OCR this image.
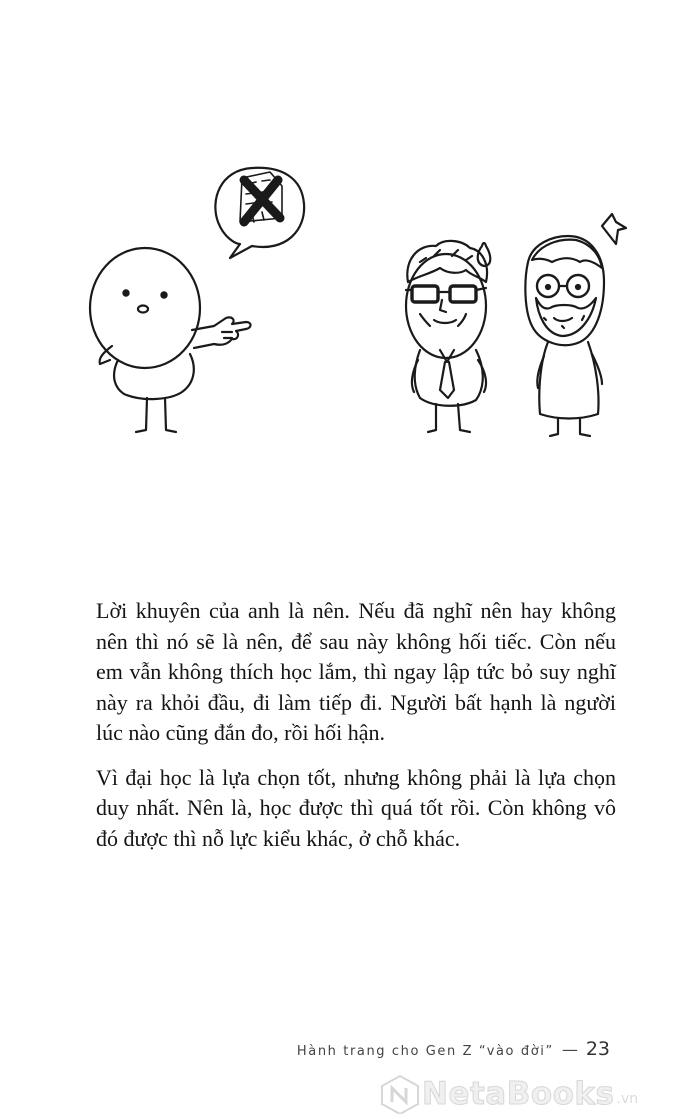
Lời khuyên của anh là nên. Nếu đã nghĩ nên hay không nên thì nó sẽ là nên, để sau này không hối tiếc. Còn nếu em vẫn không thích học lắm, thì ngay lập tức bỏ suy nghĩ này ra khỏi đầu, đi làm tiếp đi. Người bất hạnh là người lúc nào cũng đắn đo, rồi hối hận.

Vì đại học là lựa chọn tốt, nhưng không phải là lựa chọn duy nhất. Nên là, học được thì quá tốt rồi. Còn không vô đó được thì nỗ lực kiểu khác, ở chỗ khác.

Hành trang cho Gen Z “vào đời” — 23
NetaBooks .vn
